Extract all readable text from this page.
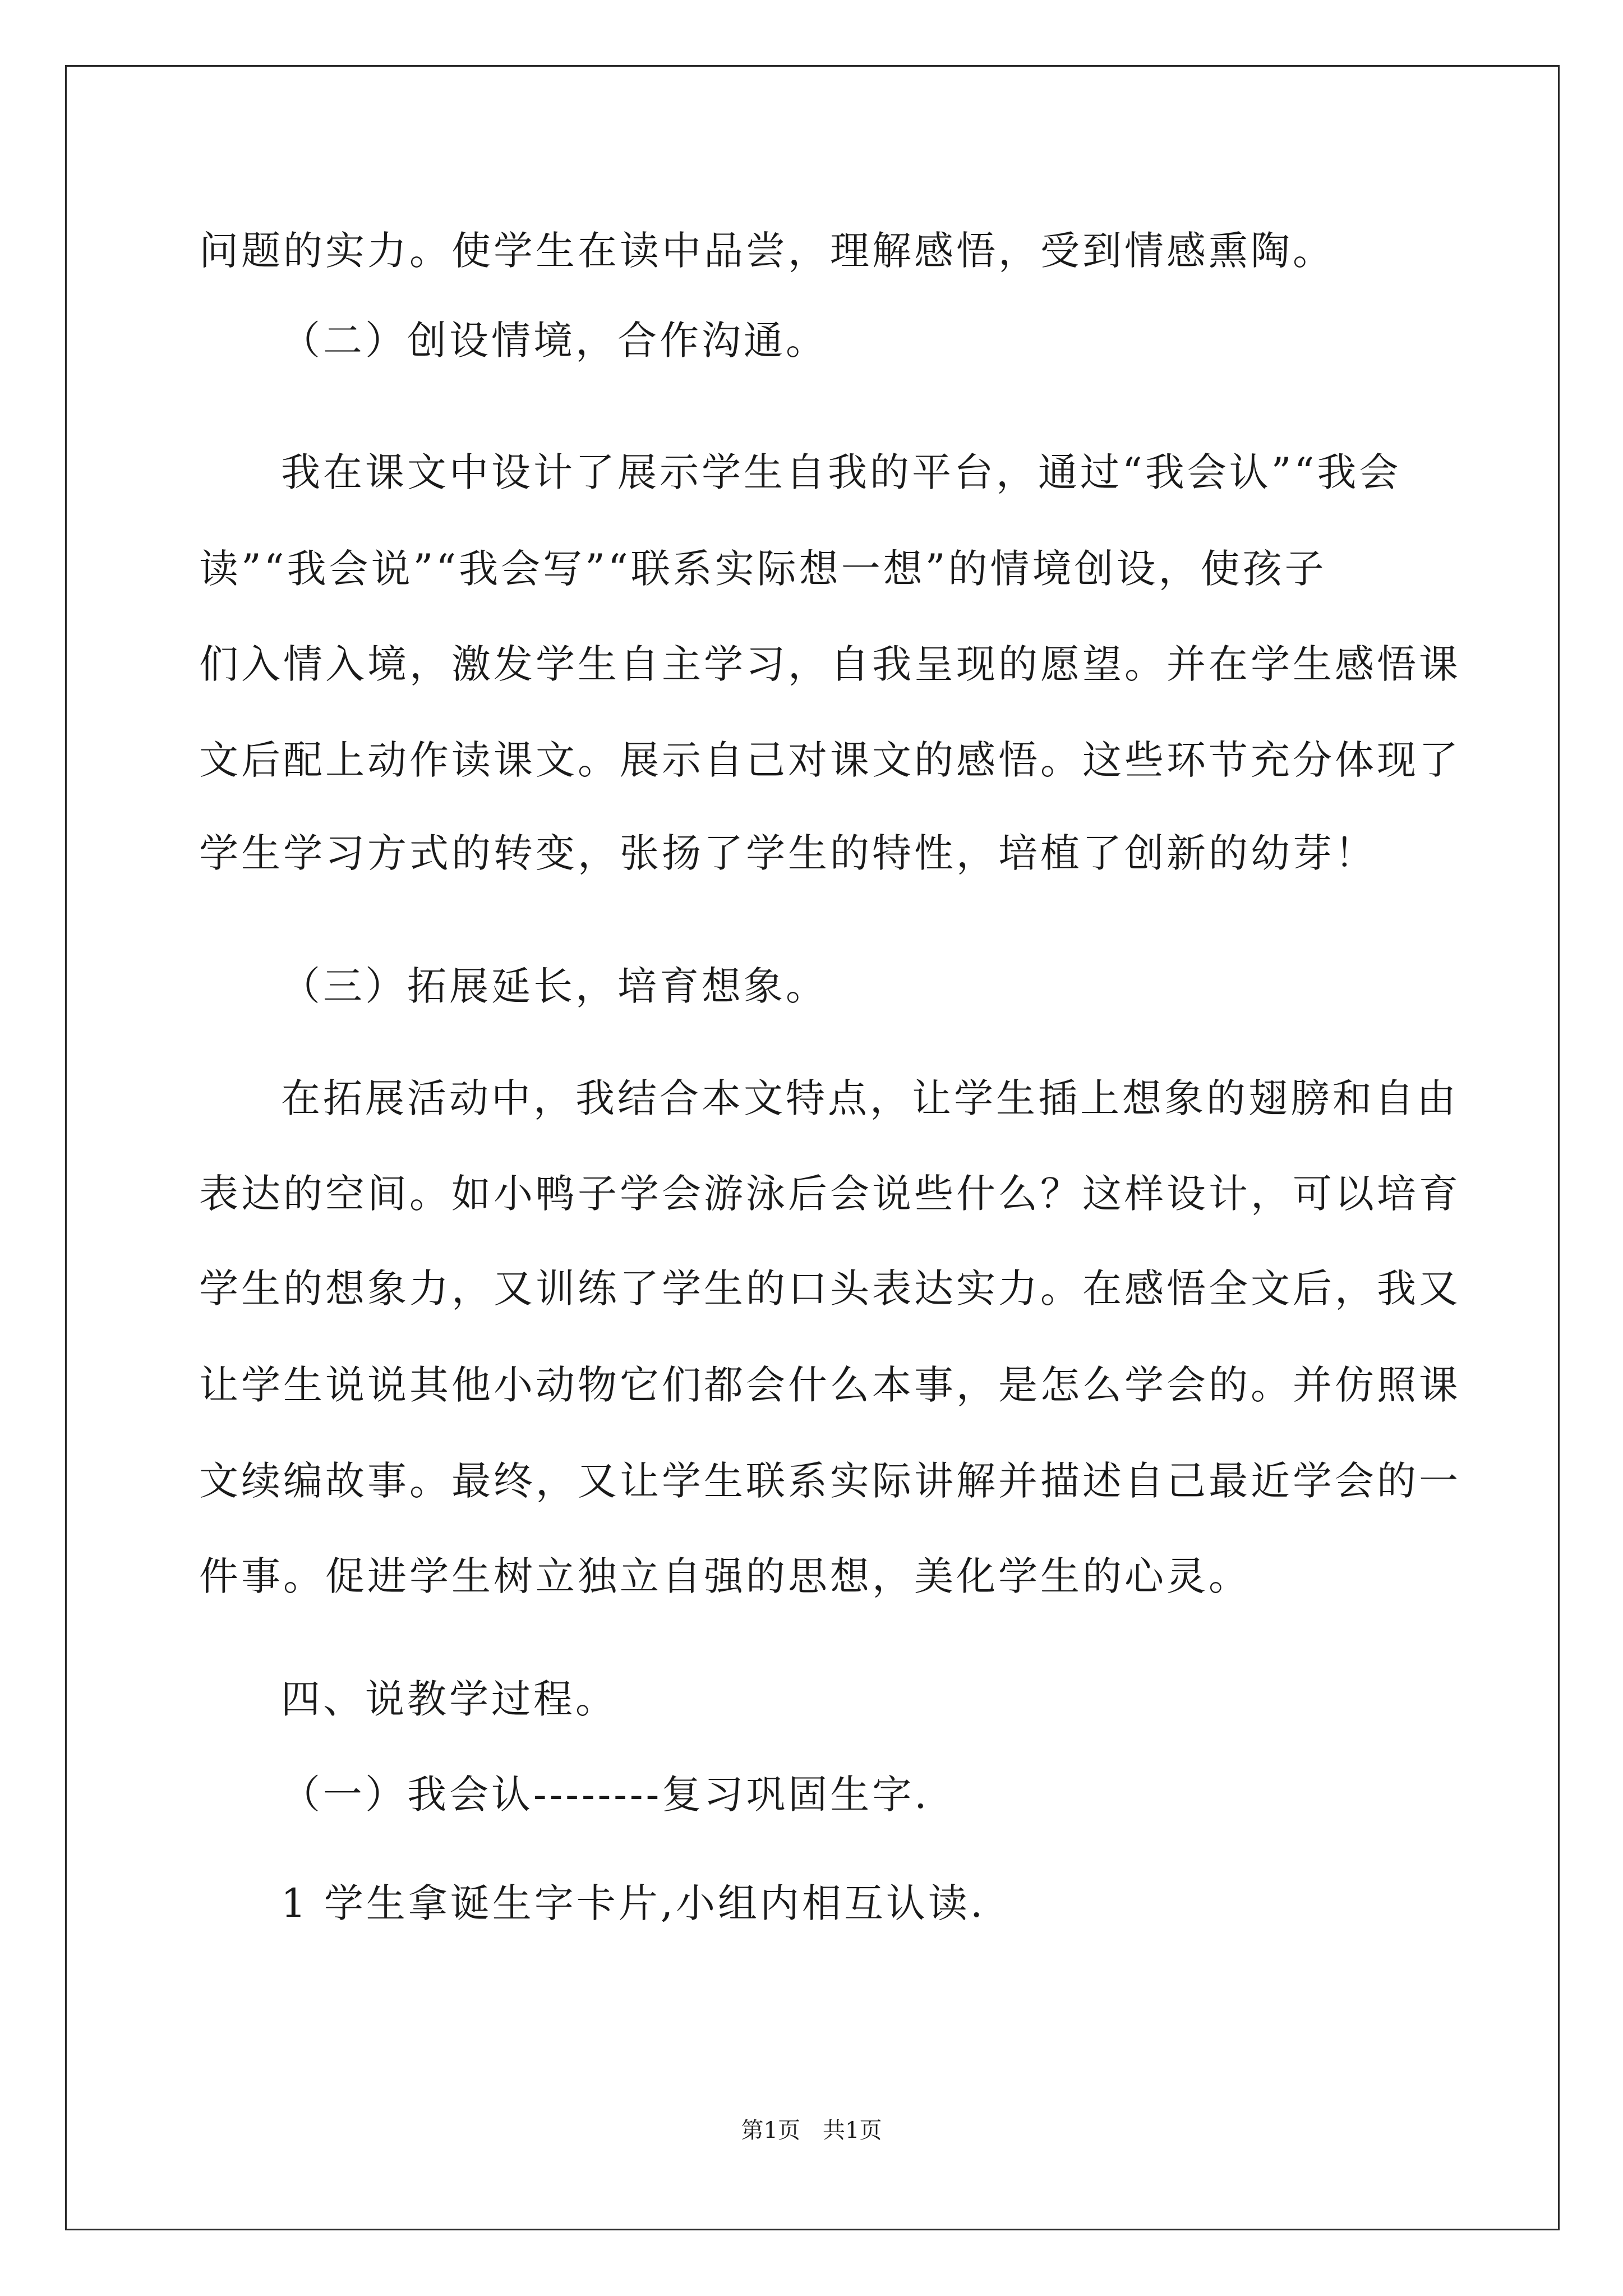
问题的实力。使学生在读中品尝，理解感悟，受到情感熏陶。
（二）创设情境，合作沟通。
我在课文中设计了展示学生自我的平台，通过“我会认”“我会
读”“我会说”“我会写”“联系实际想一想”的情境创设，使孩子
们入情入境，激发学生自主学习，自我呈现的愿望。并在学生感悟课
文后配上动作读课文。展示自己对课文的感悟。这些环节充分体现了
学生学习方式的转变，张扬了学生的特性，培植了创新的幼芽！
（三）拓展延长，培育想象。
在拓展活动中，我结合本文特点，让学生插上想象的翅膀和自由
表达的空间。如小鸭子学会游泳后会说些什么？这样设计，可以培育
学生的想象力，又训练了学生的口头表达实力。在感悟全文后，我又
让学生说说其他小动物它们都会什么本事，是怎么学会的。并仿照课
文续编故事。最终，又让学生联系实际讲解并描述自己最近学会的一
件事。促进学生树立独立自强的思想，美化学生的心灵。
四、说教学过程。
（一）我会认--------复习巩固生字.
1 学生拿诞生字卡片,小组内相互认读.
第1页 共1页
